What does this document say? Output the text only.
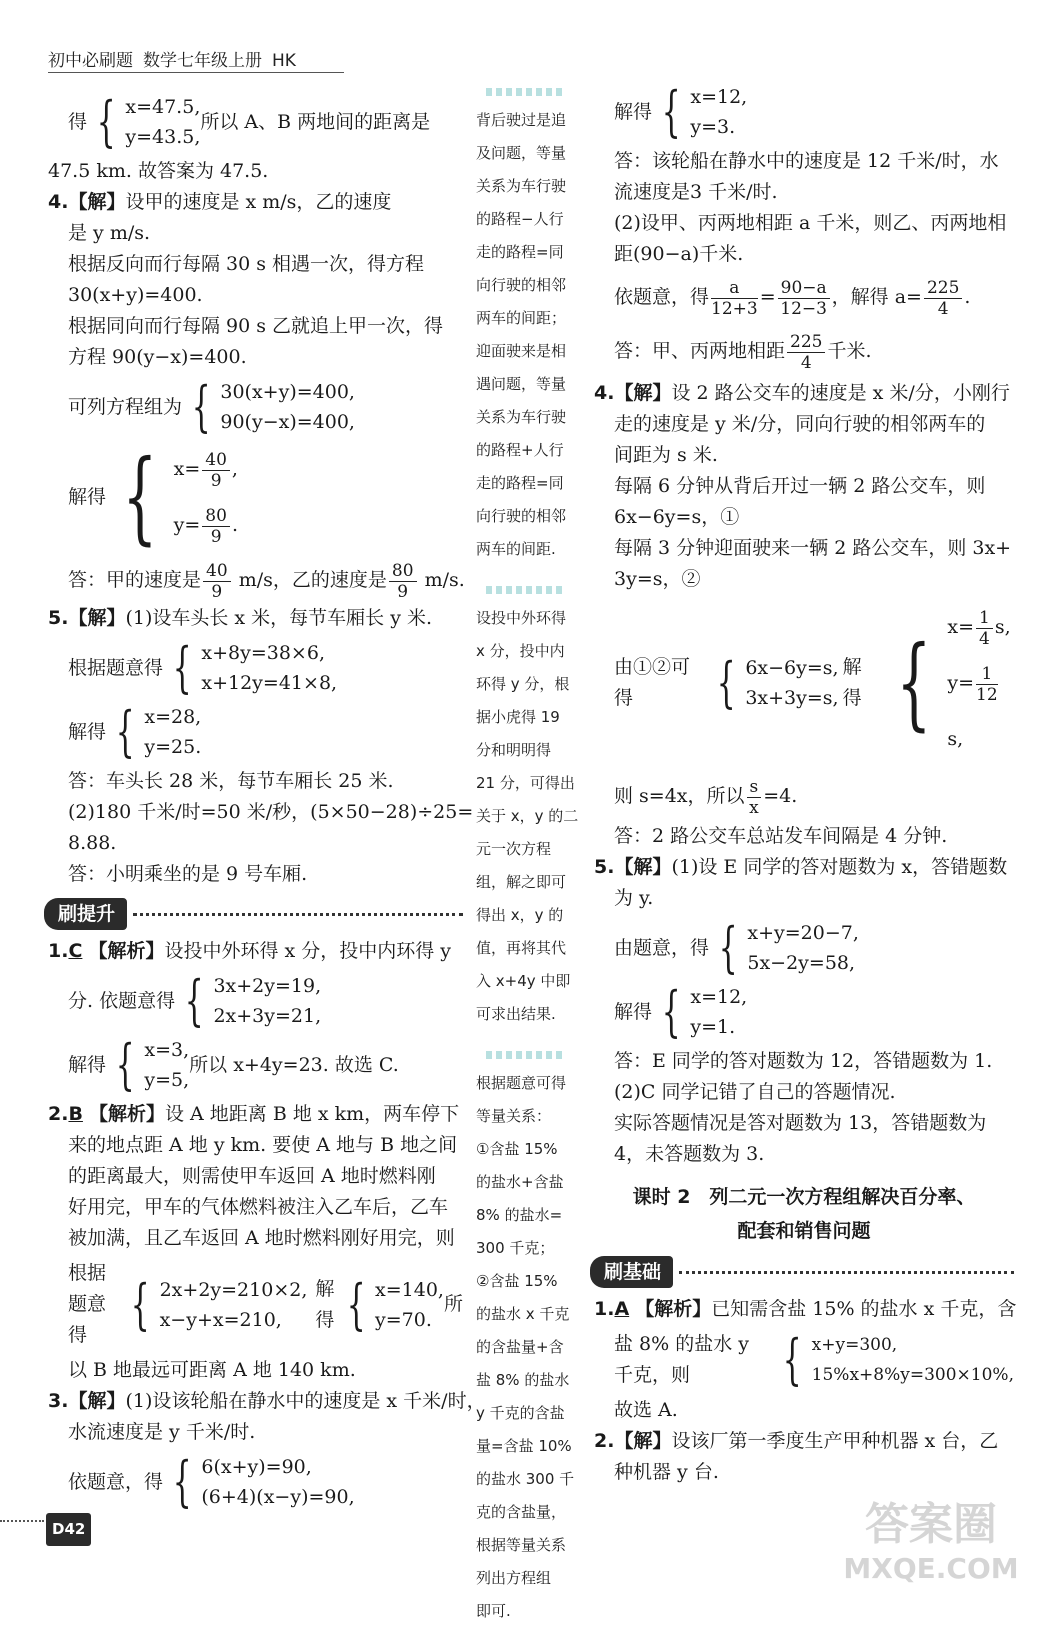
初中必刷题 数学七年级上册 HK
得 { x=47.5,
y=43.5,
所以 A、B 两地间的距离是
47.5 km. 故答案为 47.5.
4.【解】设甲的速度是 x m/s，乙的速度
是 y m/s.
根据反向而行每隔 30 s 相遇一次，得方程
30(x+y)=400.
根据同向而行每隔 90 s 乙就追上甲一次，得
方程 90(y−x)=400.
可列方程组为 { 30(x+y)=400,
90(y−x)=400,
解得 { $x= \frac{40}{9}$ ,
$y= \frac{80}{9}$ .
答：甲的速度是 $\frac{40}{9} m/s$，乙的速度是 $\frac{80}{9} m/s$.
5.【解】(1)设车头长 x 米，每节车厢长 y 米.
根据题意得 { x+8y=38×6,
x+12y=41×8,
解得 { x=28,
y=25.
答：车头长 28 米，每节车厢长 25 米.
(2)180 千米/时=50 米/秒，(5×50−28)÷25=
8.88.
答：小明乘坐的是 9 号车厢.
刷提升
1.C 【解析】设投中外环得 x 分，投中内环得 y
分. 依题意得 { 3x+2y=19,
2x+3y=21,
解得 { x=3,
y=5,
所以 x+4y=23. 故选 C.
2.B 【解析】设 A 地距离 B 地 x km，两车停下
来的地点距 A 地 y km. 要使 A 地与 B 地之间
的距离最大，则需使甲车返回 A 地时燃料刚
好用完，甲车的气体燃料被注入乙车后，乙车
被加满，且乙车返回 A 地时燃料刚好用完，则
根据题意得 { 2x+2y=210×2,
x−y+x=210,
解得 { x=140,
y=70.
所
以 B 地最远可距离 A 地 140 km.
3.【解】(1)设该轮船在静水中的速度是 x 千米/时，
水流速度是 y 千米/时.
依题意，得 { 6(x+y)=90,
(6+4)(x−y)=90,
背后驶过是追
及问题，等量
关系为车行驶
的路程−人行
走的路程=同
向行驶的相邻
两车的间距；
迎面驶来是相
遇问题，等量
关系为车行驶
的路程+人行
走的路程=同
向行驶的相邻
两车的间距.
设投中外环得
x 分，投中内
环得 y 分，根
据小虎得 19
分和明明得
21 分，可得出
关于 x，y 的二
元一次方程
组，解之即可
得出 x，y 的
值，再将其代
入 x+4y 中即
可求出结果.
根据题意可得
等量关系：
①含盐 15%
的盐水+含盐
8% 的盐水=
300 千克；
②含盐 15%
的盐水 x 千克
的含盐量+含
盐 8% 的盐水
y 千克的含盐
量=含盐 10%
的盐水 300 千
克的含盐量，
根据等量关系
列出方程组
即可.
解得 { x=12,
y=3.
答：该轮船在静水中的速度是 12 千米/时，水
流速度是3 千米/时.
(2)设甲、丙两地相距 a 千米，则乙、丙两地相
距(90−a)千米.
依题意，得 $\frac{a}{12+3} = \frac{90-a}{12-3}$ ，解得 $a= \frac{225}{4}$ .
答：甲、丙两地相距 $\frac{225}{4}$ 千米.
4.【解】设 2 路公交车的速度是 x 米/分，小刚行
走的速度是 y 米/分，同向行驶的相邻两车的
间距为 s 米.
每隔 6 分钟从背后开过一辆 2 路公交车，则
6x−6y=s，①
每隔 3 分钟迎面驶来一辆 2 路公交车，则 3x+
3y=s，②
由①②可得	{ 6x−6y=s,
3x+3y=s,
解得 { $x= \frac{1}{4} s$,
$y= \frac{1}{12}$
s,
则 s=4x，所以 $\frac{s}{x} =4$.
答：2 路公交车总站发车间隔是 4 分钟.
5.【解】(1)设 E 同学的答对题数为 x，答错题数
为 y.
由题意，得 { x+y=20−7,
5x−2y=58,
解得 { x=12,
y=1.
答：E 同学的答对题数为 12，答错题数为 1.
(2)C 同学记错了自己的答题情况.
实际答题情况是答对题数为 13，答错题数为
4，未答题数为 3.
课时 2　列二元一次方程组解决百分率、
配套和销售问题
刷基础
1.A 【解析】已知需含盐 15% 的盐水 x 千克，含
盐 8% 的盐水 y 千克，则	{ x+y=300,
15%x+8%y=300×10%,
故选 A.
2.【解】设该厂第一季度生产甲种机器 x 台，乙
种机器 y 台.
D42	答案圈
MXQE.COM
